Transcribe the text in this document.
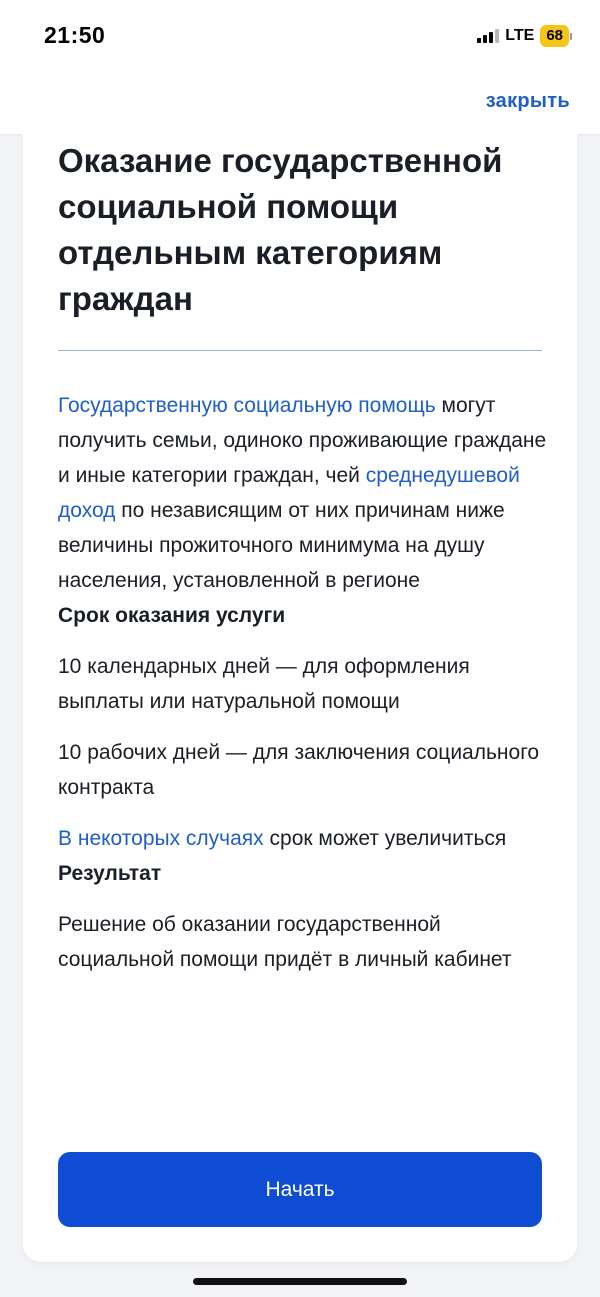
21:50	LTE 68
закрыть
Оказание государственной социальной помощи отдельным категориям граждан

Государственную социальную помощь могут получить семьи, одиноко проживающие граждане и иные категории граждан, чей среднедушевой доход по независящим от них причинам ниже величины прожиточного минимума на душу населения, установленной в регионе

Срок оказания услуги

10 календарных дней — для оформления выплаты или натуральной помощи

10 рабочих дней — для заключения социального контракта

В некоторых случаях срок может увеличиться

Результат

Решение об оказании государственной социальной помощи придёт в личный кабинет

Начать
